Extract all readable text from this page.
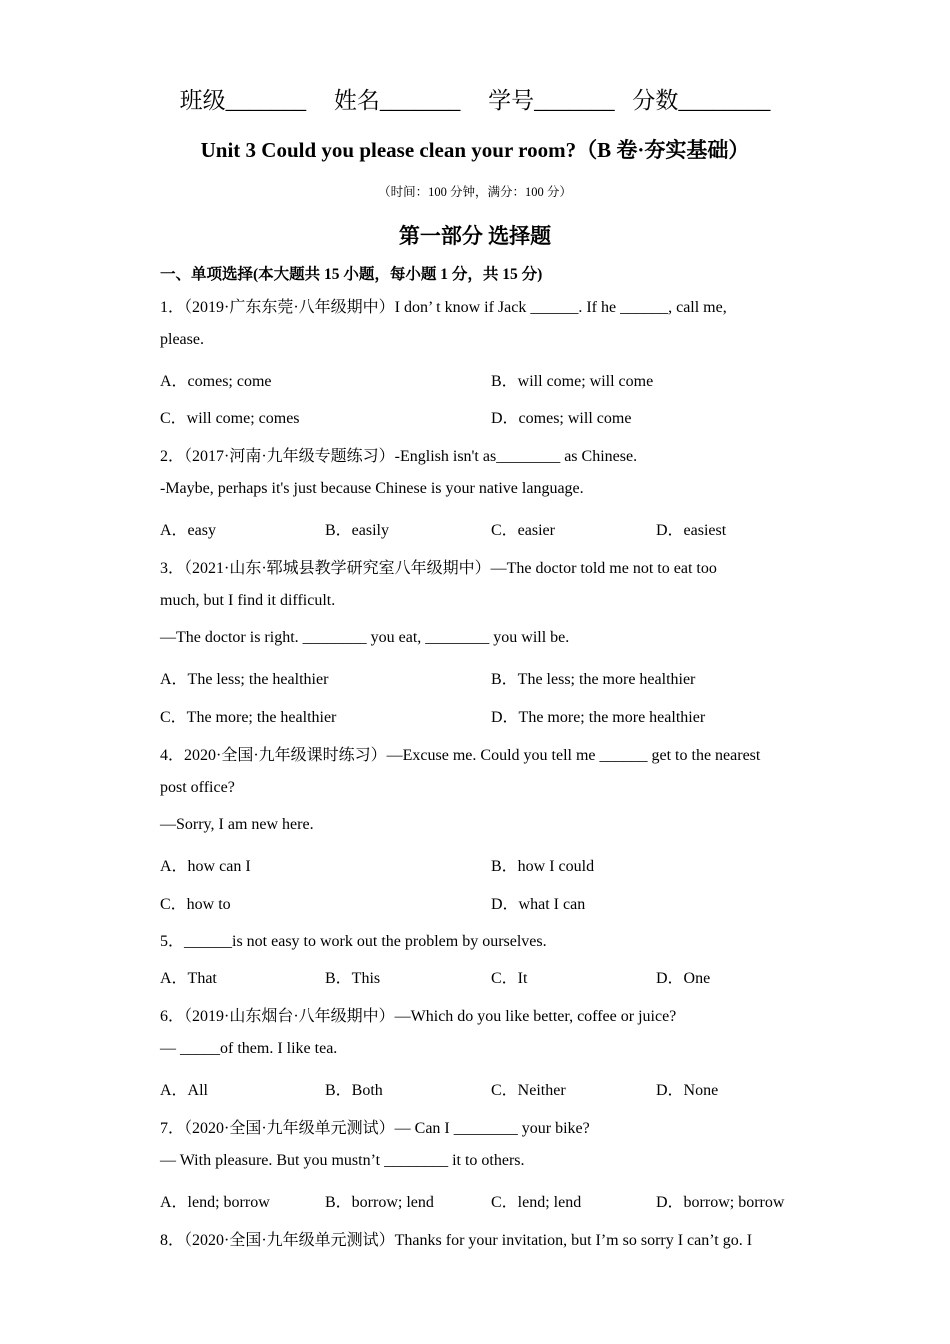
班级_______ 姓名_______ 学号_______ 分数________
Unit 3 Could you please clean your room?（B 卷·夯实基础）
（时间：100 分钟，满分：100 分）
第一部分 选择题
一、单项选择(本大题共 15 小题，每小题 1 分，共 15 分)
1．（2019·广东东莞·八年级期中）I don’ t know if Jack ______. If he ______, call me,
please.
A．comes; come	B．will come; will come
C．will come; comes	D．comes; will come
2．（2017·河南·九年级专题练习）-English isn't as________ as Chinese.
-Maybe, perhaps it's just because Chinese is your native language.
A．easy	B．easily	C．easier	D．easiest
3．（2021·山东·郓城县教学研究室八年级期中）—The doctor told me not to eat too
much, but I find it difficult.
—The doctor is right. ________ you eat, ________ you will be.
A．The less; the healthier	B．The less; the more healthier
C．The more; the healthier	D．The more; the more healthier
4．2020·全国·九年级课时练习）—Excuse me. Could you tell me ______ get to the nearest
post office?
—Sorry, I am new here.
A．how can I	B．how I could
C．how to	D．what I can
5．______is not easy to work out the problem by ourselves.
A．That	B．This	C．It	D．One
6．（2019·山东烟台·八年级期中）—Which do you like better, coffee or juice?
— _____of them. I like tea.
A．All	B．Both	C．Neither	D．None
7．（2020·全国·九年级单元测试）— Can I ________ your bike?
— With pleasure. But you mustn’t ________ it to others.
A．lend; borrow	B．borrow; lend	C．lend; lend	D．borrow; borrow
8．（2020·全国·九年级单元测试）Thanks for your invitation, but I’m so sorry I can’t go. I
